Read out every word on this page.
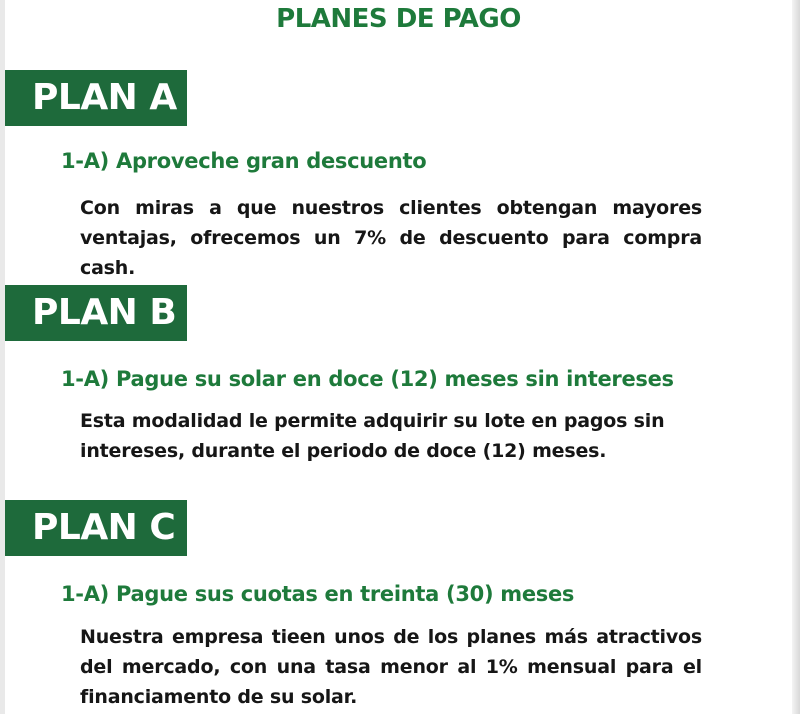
PLANES DE PAGO
PLAN A
1-A) Aproveche gran descuento
Con miras a que nuestros clientes obtengan mayores ventajas, ofrecemos un 7% de descuento para compra cash.
PLAN B
1-A) Pague su solar en doce (12) meses sin intereses
Esta modalidad le permite adquirir su lote en pagos sin intereses, durante el periodo de doce (12) meses.
PLAN C
1-A) Pague sus cuotas en treinta (30) meses
Nuestra empresa tieen unos de los planes más atractivos del mercado, con una tasa menor al 1% mensual para el financiamento de su solar.
